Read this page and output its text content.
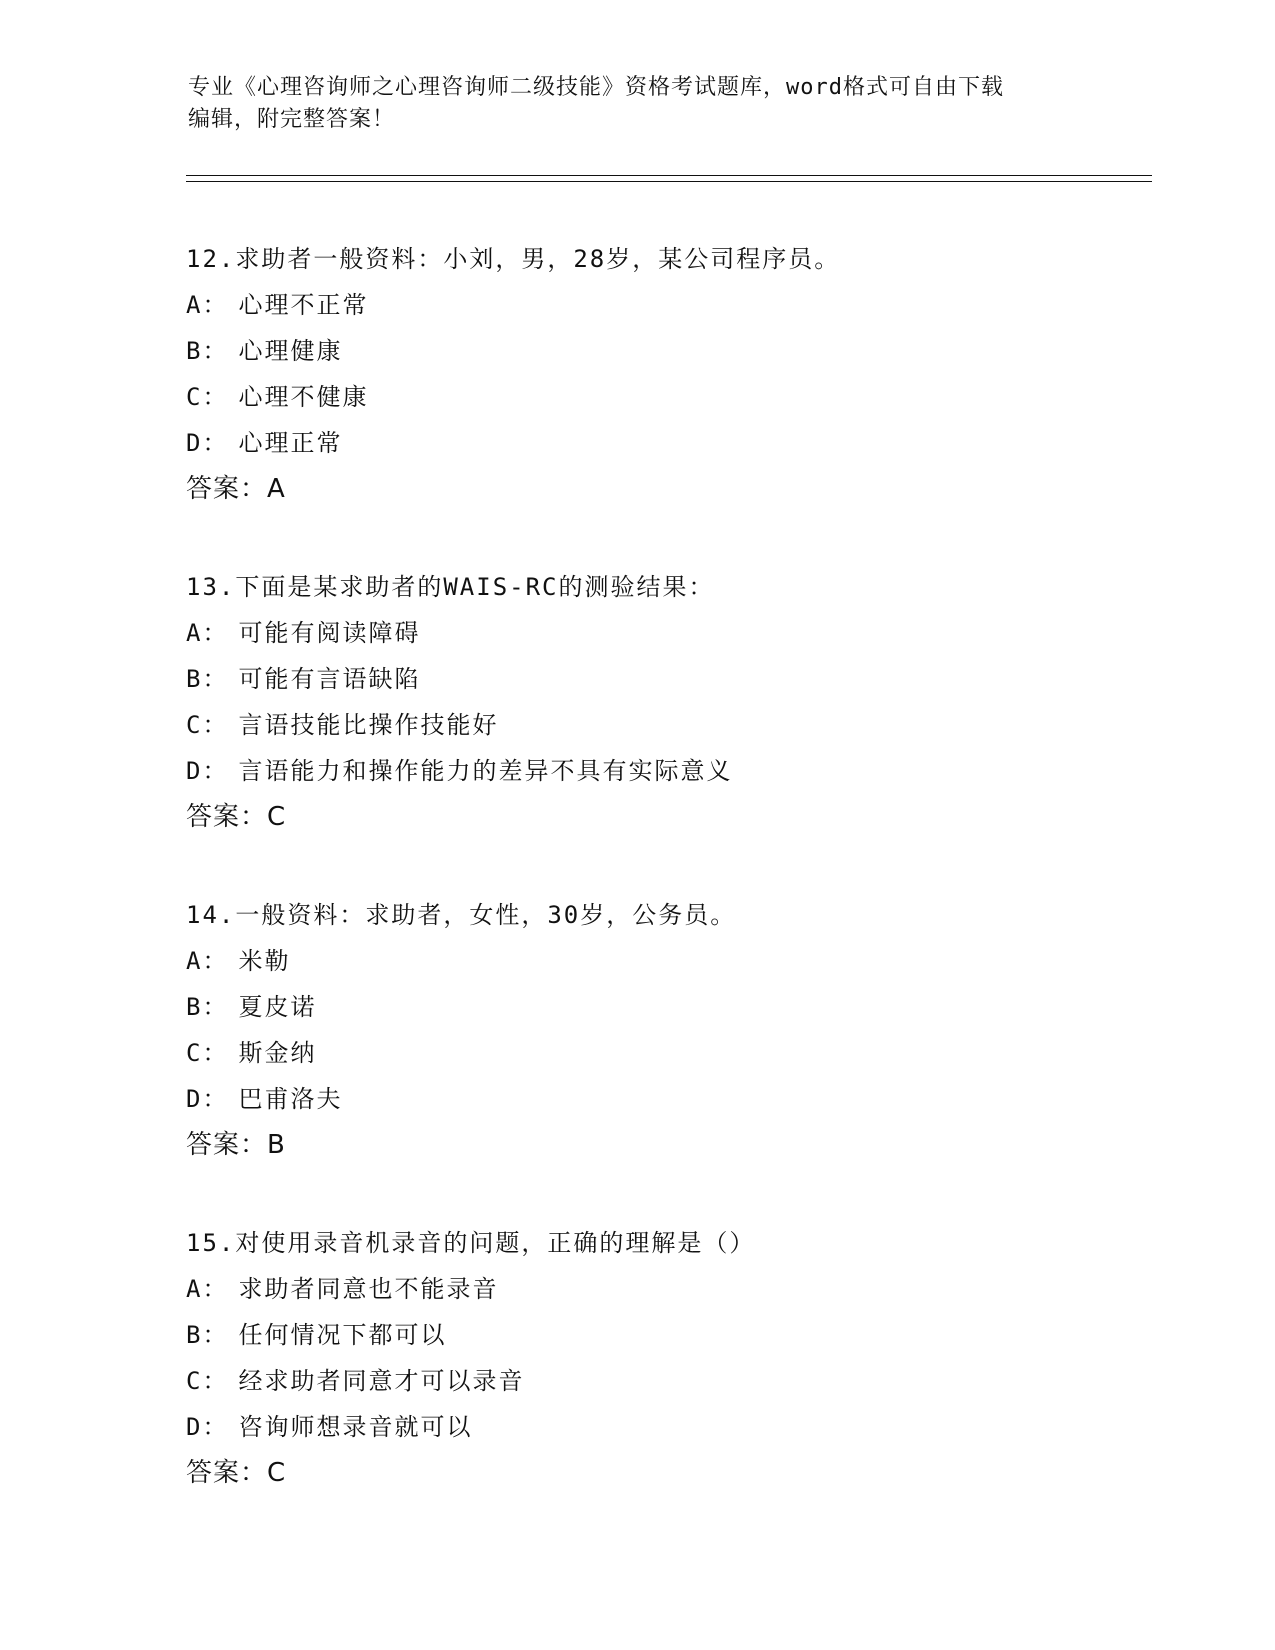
专业《心理咨询师之心理咨询师二级技能》资格考试题库，word格式可自由下载
编辑，附完整答案！
12.求助者一般资料：小刘，男，28岁，某公司程序员。
A： 心理不正常
B： 心理健康
C： 心理不健康
D： 心理正常
答案：A
13.下面是某求助者的WAIS-RC的测验结果：
A： 可能有阅读障碍
B： 可能有言语缺陷
C： 言语技能比操作技能好
D： 言语能力和操作能力的差异不具有实际意义
答案：C
14.一般资料：求助者，女性，30岁，公务员。
A： 米勒
B： 夏皮诺
C： 斯金纳
D： 巴甫洛夫
答案：B
15.对使用录音机录音的问题，正确的理解是（）
A： 求助者同意也不能录音
B： 任何情况下都可以
C： 经求助者同意才可以录音
D： 咨询师想录音就可以
答案：C
